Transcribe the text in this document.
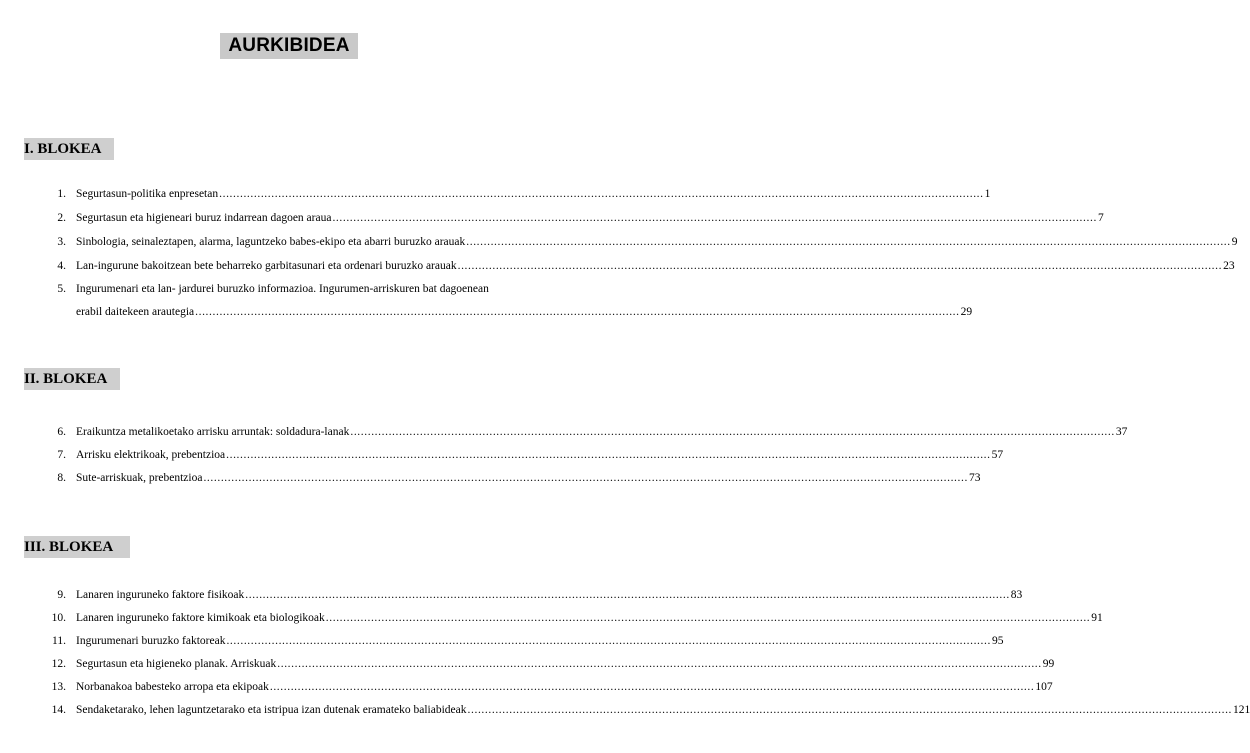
AURKIBIDEA
I. BLOKEA
1. Segurtasun-politika enpresetan ............................................................................................................................................................................................................................ 1
2. Segurtasun eta higieneari buruz indarrean dagoen araua ............................................................................................................................................................................................................................ 7
3. Sinbologia, seinaleztapen, alarma, laguntzeko babes-ekipo eta abarri buruzko arauak ............................................................................................................................................................................................................................ 9
4. Lan-ingurune bakoitzean bete beharreko garbitasunari eta ordenari buruzko arauak ............................................................................................................................................................................................................................ 23
5. Ingurumenari eta lan- jardurei buruzko informazioa. Ingurumen-arriskuren bat dagoenean
erabil daitekeen arautegia ............................................................................................................................................................................................................................ 29
II. BLOKEA
6. Eraikuntza metalikoetako arrisku arruntak: soldadura-lanak ............................................................................................................................................................................................................................ 37
7. Arrisku elektrikoak, prebentzioa ............................................................................................................................................................................................................................ 57
8. Sute-arriskuak, prebentzioa ............................................................................................................................................................................................................................ 73
III. BLOKEA
9. Lanaren inguruneko faktore fisikoak ............................................................................................................................................................................................................................ 83
10. Lanaren inguruneko faktore kimikoak eta biologikoak ............................................................................................................................................................................................................................ 91
11. Ingurumenari buruzko faktoreak ............................................................................................................................................................................................................................ 95
12. Segurtasun eta higieneko planak. Arriskuak ............................................................................................................................................................................................................................ 99
13. Norbanakoa babesteko arropa eta ekipoak ............................................................................................................................................................................................................................ 107
14. Sendaketarako, lehen laguntzetarako eta istripua izan dutenak eramateko baliabideak ............................................................................................................................................................................................................................ 121
